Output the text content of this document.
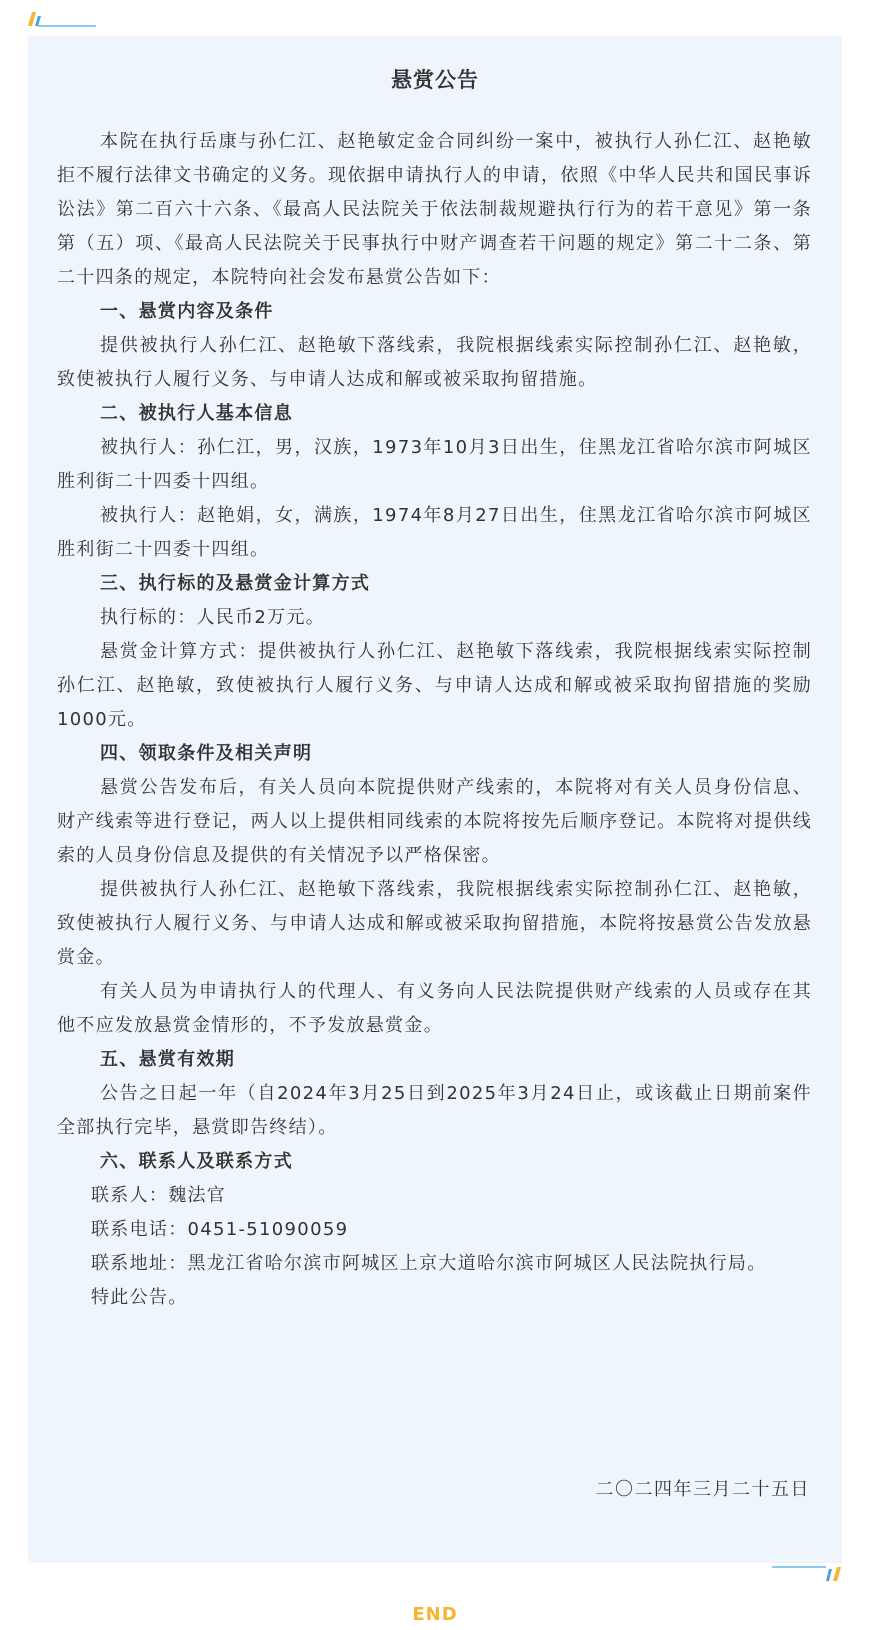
悬赏公告

本院在执行岳康与孙仁江、赵艳敏定金合同纠纷一案中，被执行人孙仁江、赵艳敏拒不履行法律文书确定的义务。现依据申请执行人的申请，依照《中华人民共和国民事诉讼法》第二百六十六条、《最高人民法院关于依法制裁规避执行行为的若干意见》第一条第（五）项、《最高人民法院关于民事执行中财产调查若干问题的规定》第二十二条、第二十四条的规定，本院特向社会发布悬赏公告如下：

一、悬赏内容及条件

提供被执行人孙仁江、赵艳敏下落线索，我院根据线索实际控制孙仁江、赵艳敏，致使被执行人履行义务、与申请人达成和解或被采取拘留措施。

二、被执行人基本信息

被执行人：孙仁江，男，汉族，1973年10月3日出生，住黑龙江省哈尔滨市阿城区胜利街二十四委十四组。

被执行人：赵艳娟，女，满族，1974年8月27日出生，住黑龙江省哈尔滨市阿城区胜利街二十四委十四组。

三、执行标的及悬赏金计算方式

执行标的：人民币2万元。

悬赏金计算方式：提供被执行人孙仁江、赵艳敏下落线索，我院根据线索实际控制孙仁江、赵艳敏，致使被执行人履行义务、与申请人达成和解或被采取拘留措施的奖励1000元。

四、领取条件及相关声明

悬赏公告发布后，有关人员向本院提供财产线索的，本院将对有关人员身份信息、财产线索等进行登记，两人以上提供相同线索的本院将按先后顺序登记。本院将对提供线索的人员身份信息及提供的有关情况予以严格保密。

提供被执行人孙仁江、赵艳敏下落线索，我院根据线索实际控制孙仁江、赵艳敏，致使被执行人履行义务、与申请人达成和解或被采取拘留措施，本院将按悬赏公告发放悬赏金。

有关人员为申请执行人的代理人、有义务向人民法院提供财产线索的人员或存在其他不应发放悬赏金情形的，不予发放悬赏金。

五、悬赏有效期

公告之日起一年（自2024年3月25日到2025年3月24日止，或该截止日期前案件全部执行完毕，悬赏即告终结）。

六、联系人及联系方式

联系人：魏法官

联系电话：0451-51090059

联系地址：黑龙江省哈尔滨市阿城区上京大道哈尔滨市阿城区人民法院执行局。

特此公告。

二〇二四年三月二十五日
END
